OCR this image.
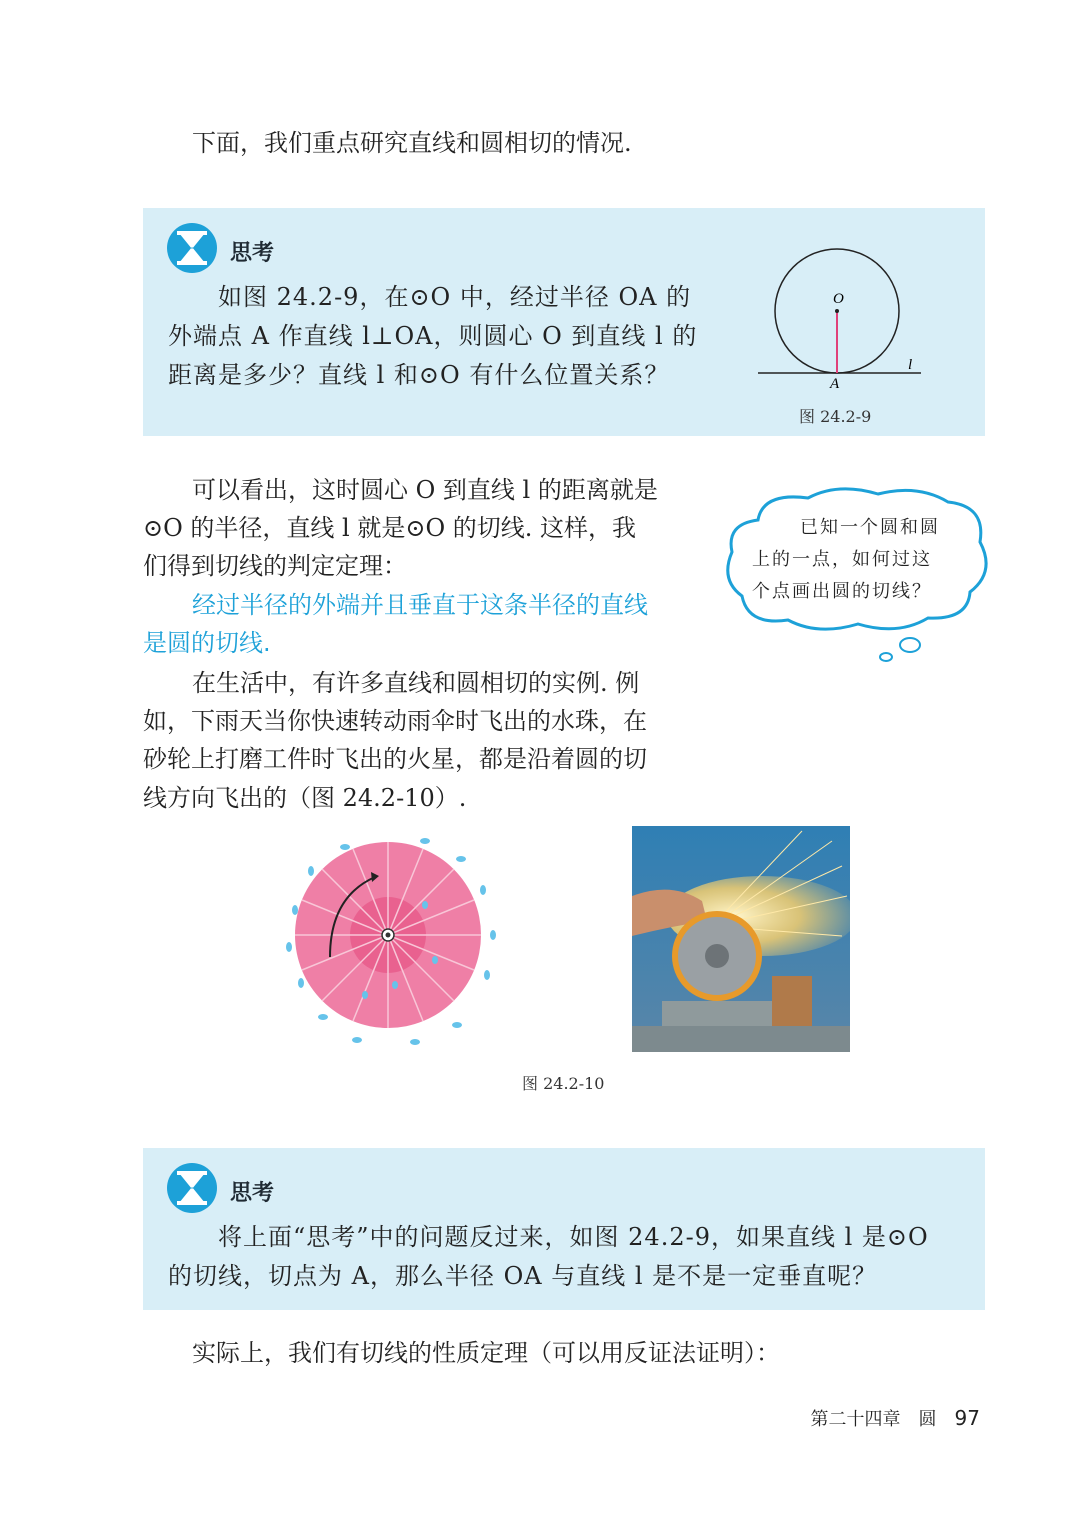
下面，我们重点研究直线和圆相切的情况.
思考
如图 24.2-9，在⊙O 中，经过半径 OA 的
外端点 A 作直线 l⊥OA，则圆心 O 到直线 l 的
距离是多少？直线 l 和⊙O 有什么位置关系？
O
A
l
图 24.2-9
可以看出，这时圆心 O 到直线 l 的距离就是
⊙O 的半径，直线 l 就是⊙O 的切线. 这样，我
们得到切线的判定定理：
经过半径的外端并且垂直于这条半径的直线
是圆的切线.
在生活中，有许多直线和圆相切的实例. 例
如，下雨天当你快速转动雨伞时飞出的水珠，在
砂轮上打磨工件时飞出的火星，都是沿着圆的切
线方向飞出的（图 24.2-10）.
已知一个圆和圆
上的一点，如何过这
个点画出圆的切线？
图 24.2-10
思考
将上面“思考”中的问题反过来，如图 24.2-9，如果直线 l 是⊙O
的切线，切点为 A，那么半径 OA 与直线 l 是不是一定垂直呢？
实际上，我们有切线的性质定理（可以用反证法证明）：
第二十四章　圆 97
